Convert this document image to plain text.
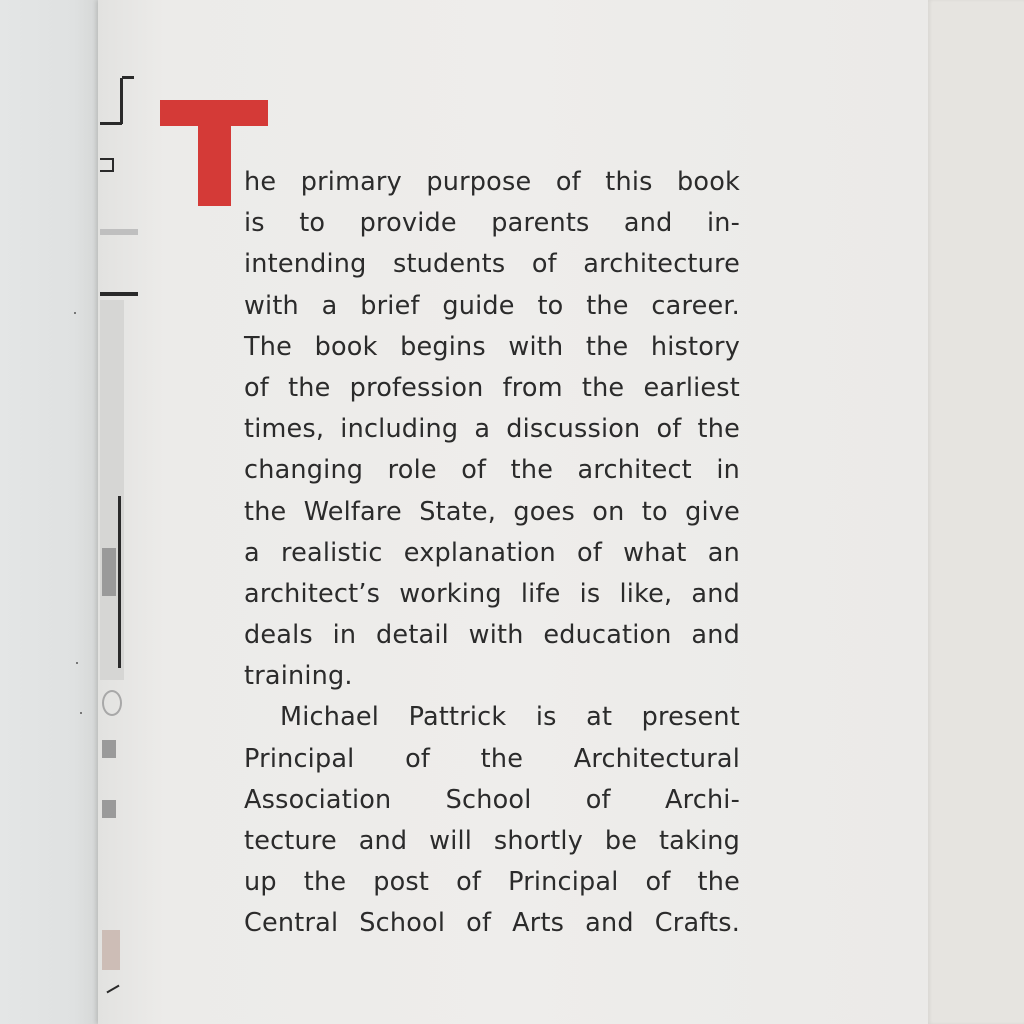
he primary purpose of this book
is to provide parents and in-
intending students of architecture
with a brief guide to the career.
The book begins with the history
of the profession from the earliest
times, including a discussion of the
changing role of the architect in
the Welfare State, goes on to give
a realistic explanation of what an
architect’s working life is like, and
deals in detail with education and
training.
Michael Pattrick is at present
Principal of the Architectural
Association School of Archi-
tecture and will shortly be taking
up the post of Principal of the
Central School of Arts and Crafts.
